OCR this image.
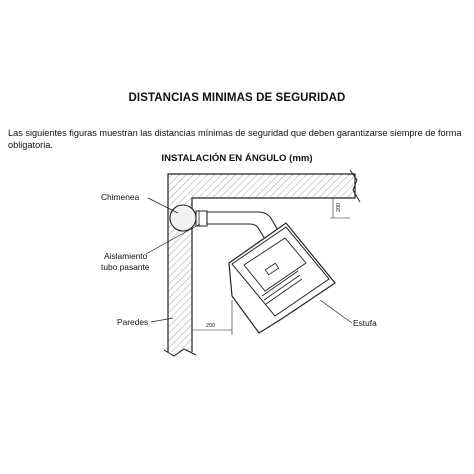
DISTANCIAS MINIMAS DE SEGURIDAD
Las siguientes figuras muestran las distancias mínimas de seguridad que deben garantizarse siempre de forma obligatoria.
INSTALACIÓN EN ÁNGULO (mm)
200
200
Chimenea
Aislamiento
tubo pasante
Paredes	Estufa
